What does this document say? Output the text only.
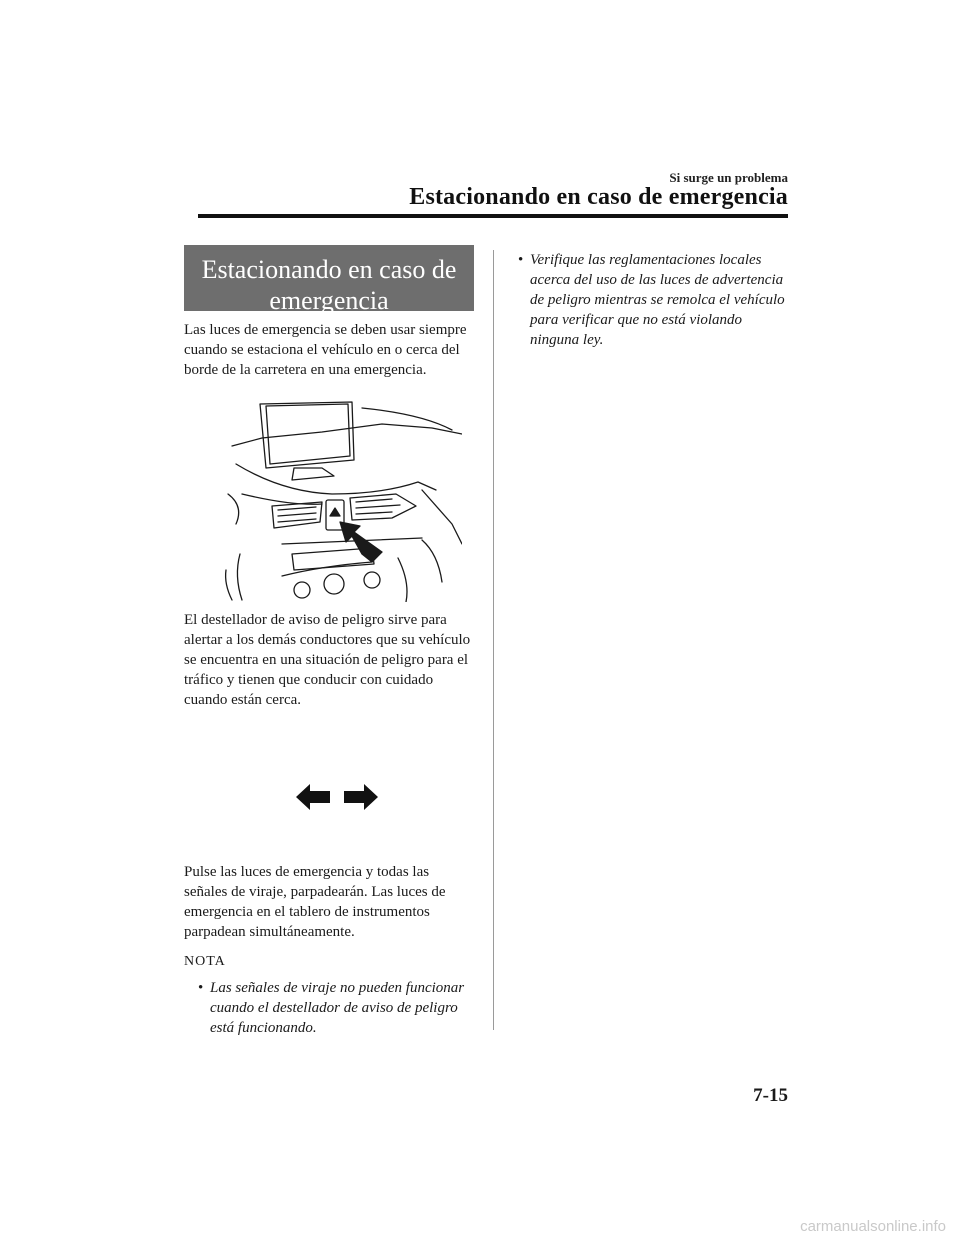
Si surge un problema
Estacionando en caso de emergencia
Estacionando en caso de emergencia

Las luces de emergencia se deben usar siempre cuando se estaciona el vehículo en o cerca del borde de la carretera en una emergencia.

El destellador de aviso de peligro sirve para alertar a los demás conductores que su vehículo se encuentra en una situación de peligro para el tráfico y tienen que conducir con cuidado cuando están cerca.

Pulse las luces de emergencia y todas las señales de viraje, parpadearán. Las luces de emergencia en el tablero de instrumentos parpadean simultáneamente.

NOTA
• Las señales de viraje no pueden funcionar cuando el destellador de aviso de peligro está funcionando.
• Verifique las reglamentaciones locales acerca del uso de las luces de advertencia de peligro mientras se remolca el vehículo para verificar que no está violando ninguna ley.
7-15
carmanualsonline.info
